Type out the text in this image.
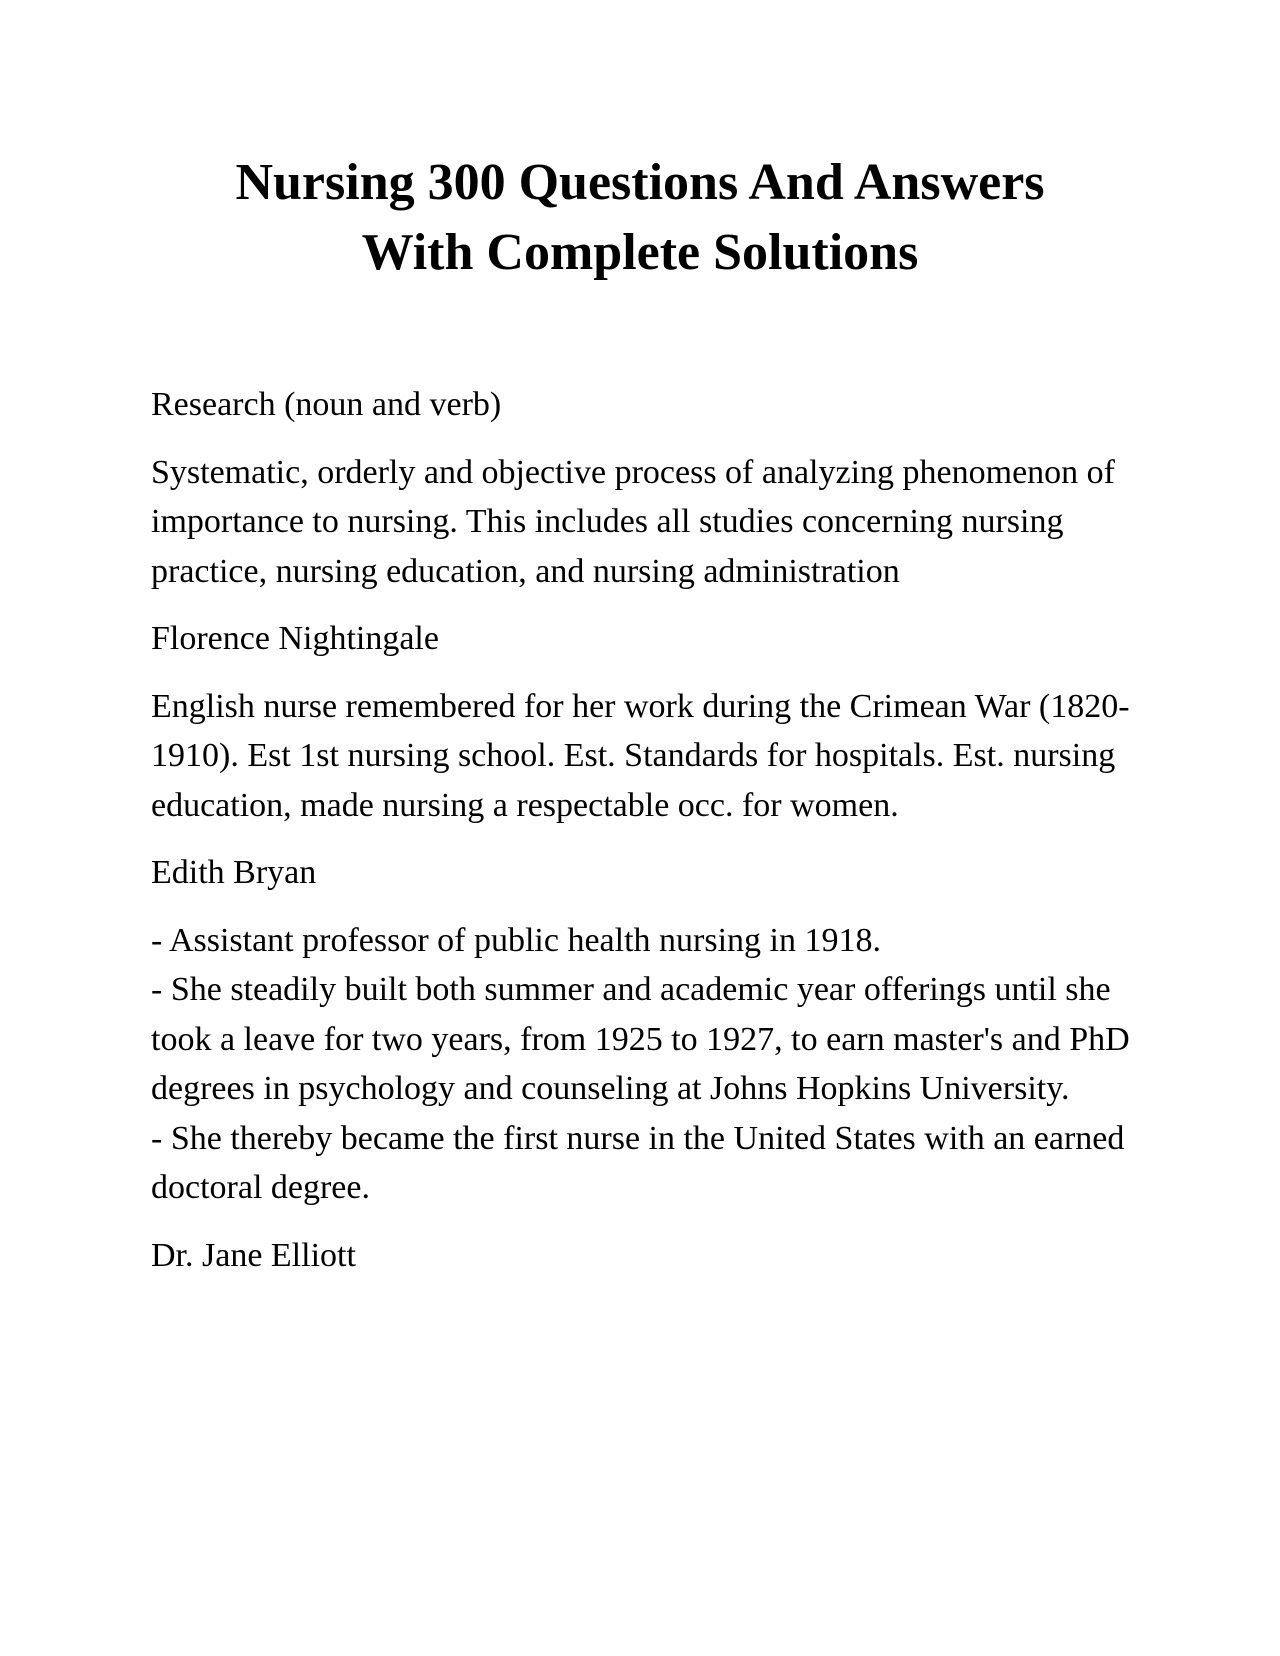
Nursing 300 Questions And Answers
With Complete Solutions

Research (noun and verb)

Systematic, orderly and objective process of analyzing phenomenon of importance to nursing. This includes all studies concerning nursing practice, nursing education, and nursing administration

Florence Nightingale

English nurse remembered for her work during the Crimean War (1820-1910). Est 1st nursing school. Est. Standards for hospitals. Est. nursing education, made nursing a respectable occ. for women.

Edith Bryan

- Assistant professor of public health nursing in 1918.
- She steadily built both summer and academic year offerings until she took a leave for two years, from 1925 to 1927, to earn master's and PhD degrees in psychology and counseling at Johns Hopkins University.
- She thereby became the first nurse in the United States with an earned doctoral degree.

Dr. Jane Elliott
